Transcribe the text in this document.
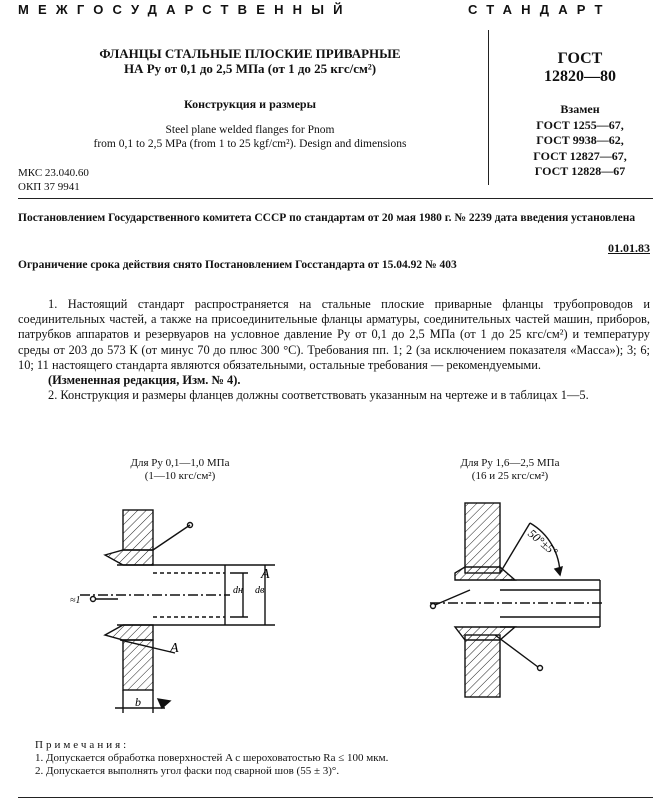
МЕЖГОСУДАРСТВЕННЫЙ	СТАНДАРТ
ФЛАНЦЫ СТАЛЬНЫЕ ПЛОСКИЕ ПРИВАРНЫЕ
НА Pу от 0,1 до 2,5 МПа (от 1 до 25 кгс/см²)
Конструкция и размеры
Steel plane welded flanges for Pnom
from 0,1 to 2,5 MPa (from 1 to 25 kgf/cm²). Design and dimensions
МКС 23.040.60
ОКП 37 9941
ГОСТ
12820—80
Взамен
ГОСТ 1255—67,
ГОСТ 9938—62,
ГОСТ 12827—67,
ГОСТ 12828—67
Постановлением Государственного комитета СССР по стандартам от 20 мая 1980 г. № 2239 дата введения установлена
01.01.83
Ограничение срока действия снято Постановлением Госстандарта от 15.04.92 № 403

1. Настоящий стандарт распространяется на стальные плоские приварные фланцы трубопроводов и соединительных частей, а также на присоединительные фланцы арматуры, соединительных частей машин, приборов, патрубков аппаратов и резервуаров на условное давление Pу от 0,1 до 2,5 МПа (от 1 до 25 кгс/см²) и температуру среды от 203 до 573 К (от минус 70 до плюс 300 °С). Требования пп. 1; 2 (за исключением показателя «Масса»); 3; 6; 10; 11 настоящего стандарта являются обязательными, остальные требования — рекомендуемыми.

(Измененная редакция, Изм. № 4).

2. Конструкция и размеры фланцев должны соответствовать указанным на чертеже и в таблицах 1—5.

Для Pу 0,1—1,0 МПа
(1—10 кгс/см²)
Для Pу 1,6—2,5 МПа
(16 и 25 кгс/см²)
A
A
≈1
dн dв
b
50°±5°
Примечания:
1. Допускается обработка поверхностей A с шероховатостью Ra ≤ 100 мкм.
2. Допускается выполнять угол фаски под сварной шов (55 ± 3)°.
